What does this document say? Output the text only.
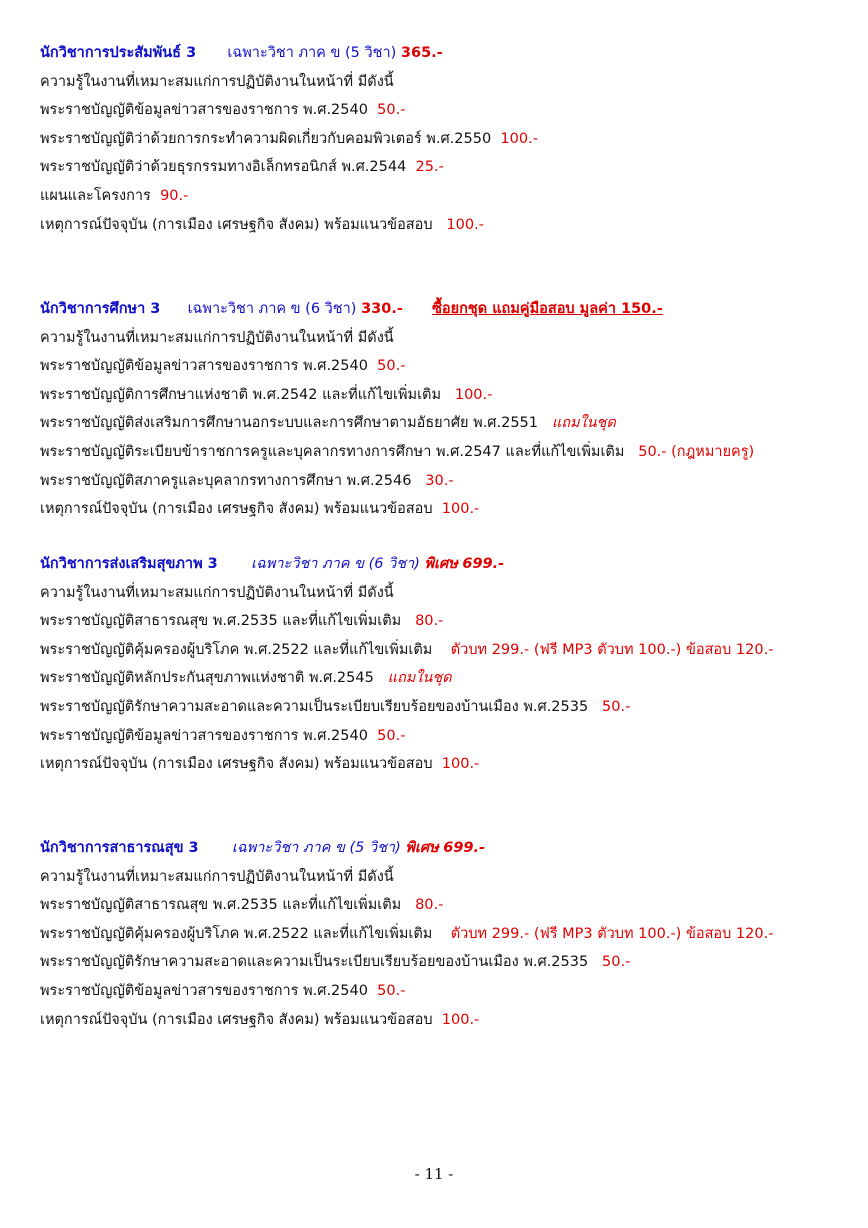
นักวิชาการประสัมพันธ์ 3 เฉพาะวิชา ภาค ข (5 วิชา) 365.-
ความรู้ในงานที่เหมาะสมแก่การปฏิบัติงานในหน้าที่ มีดังนี้
พระราชบัญญัติข้อมูลข่าวสารของราชการ พ.ศ.2540 50.-
พระราชบัญญัติว่าด้วยการกระทำความผิดเกี่ยวกับคอมพิวเตอร์ พ.ศ.2550 100.-
พระราชบัญญัติว่าด้วยธุรกรรมทางอิเล็กทรอนิกส์ พ.ศ.2544 25.-
แผนและโครงการ 90.-
เหตุการณ์ปัจจุบัน (การเมือง เศรษฐกิจ สังคม) พร้อมแนวข้อสอบ 100.-
นักวิชาการศึกษา 3 เฉพาะวิชา ภาค ข (6 วิชา) 330.- ซื้อยกชุด แถมคู่มือสอบ มูลค่า 150.-
ความรู้ในงานที่เหมาะสมแก่การปฏิบัติงานในหน้าที่ มีดังนี้
พระราชบัญญัติข้อมูลข่าวสารของราชการ พ.ศ.2540 50.-
พระราชบัญญัติการศึกษาแห่งชาติ พ.ศ.2542 และที่แก้ไขเพิ่มเติม 100.-
พระราชบัญญัติส่งเสริมการศึกษานอกระบบและการศึกษาตามอัธยาศัย พ.ศ.2551 แถมในชุด
พระราชบัญญัติระเบียบข้าราชการครูและบุคลากรทางการศึกษา พ.ศ.2547 และที่แก้ไขเพิ่มเติม 50.- (กฎหมายครู)
พระราชบัญญัติสภาครูและบุคลากรทางการศึกษา พ.ศ.2546 30.-
เหตุการณ์ปัจจุบัน (การเมือง เศรษฐกิจ สังคม) พร้อมแนวข้อสอบ 100.-
นักวิชาการส่งเสริมสุขภาพ 3 เฉพาะวิชา ภาค ข (6 วิชา) พิเศษ 699.-
ความรู้ในงานที่เหมาะสมแก่การปฏิบัติงานในหน้าที่ มีดังนี้
พระราชบัญญัติสาธารณสุข พ.ศ.2535 และที่แก้ไขเพิ่มเติม 80.-
พระราชบัญญัติคุ้มครองผู้บริโภค พ.ศ.2522 และที่แก้ไขเพิ่มเติม ตัวบท 299.- (ฟรี MP3 ตัวบท 100.-) ข้อสอบ 120.-
พระราชบัญญัติหลักประกันสุขภาพแห่งชาติ พ.ศ.2545 แถมในชุด
พระราชบัญญัติรักษาความสะอาดและความเป็นระเบียบเรียบร้อยของบ้านเมือง พ.ศ.2535 50.-
พระราชบัญญัติข้อมูลข่าวสารของราชการ พ.ศ.2540 50.-
เหตุการณ์ปัจจุบัน (การเมือง เศรษฐกิจ สังคม) พร้อมแนวข้อสอบ 100.-
นักวิชาการสาธารณสุข 3 เฉพาะวิชา ภาค ข (5 วิชา) พิเศษ 699.-
ความรู้ในงานที่เหมาะสมแก่การปฏิบัติงานในหน้าที่ มีดังนี้
พระราชบัญญัติสาธารณสุข พ.ศ.2535 และที่แก้ไขเพิ่มเติม 80.-
พระราชบัญญัติคุ้มครองผู้บริโภค พ.ศ.2522 และที่แก้ไขเพิ่มเติม ตัวบท 299.- (ฟรี MP3 ตัวบท 100.-) ข้อสอบ 120.-
พระราชบัญญัติรักษาความสะอาดและความเป็นระเบียบเรียบร้อยของบ้านเมือง พ.ศ.2535 50.-
พระราชบัญญัติข้อมูลข่าวสารของราชการ พ.ศ.2540 50.-
เหตุการณ์ปัจจุบัน (การเมือง เศรษฐกิจ สังคม) พร้อมแนวข้อสอบ 100.-
- 11 -
